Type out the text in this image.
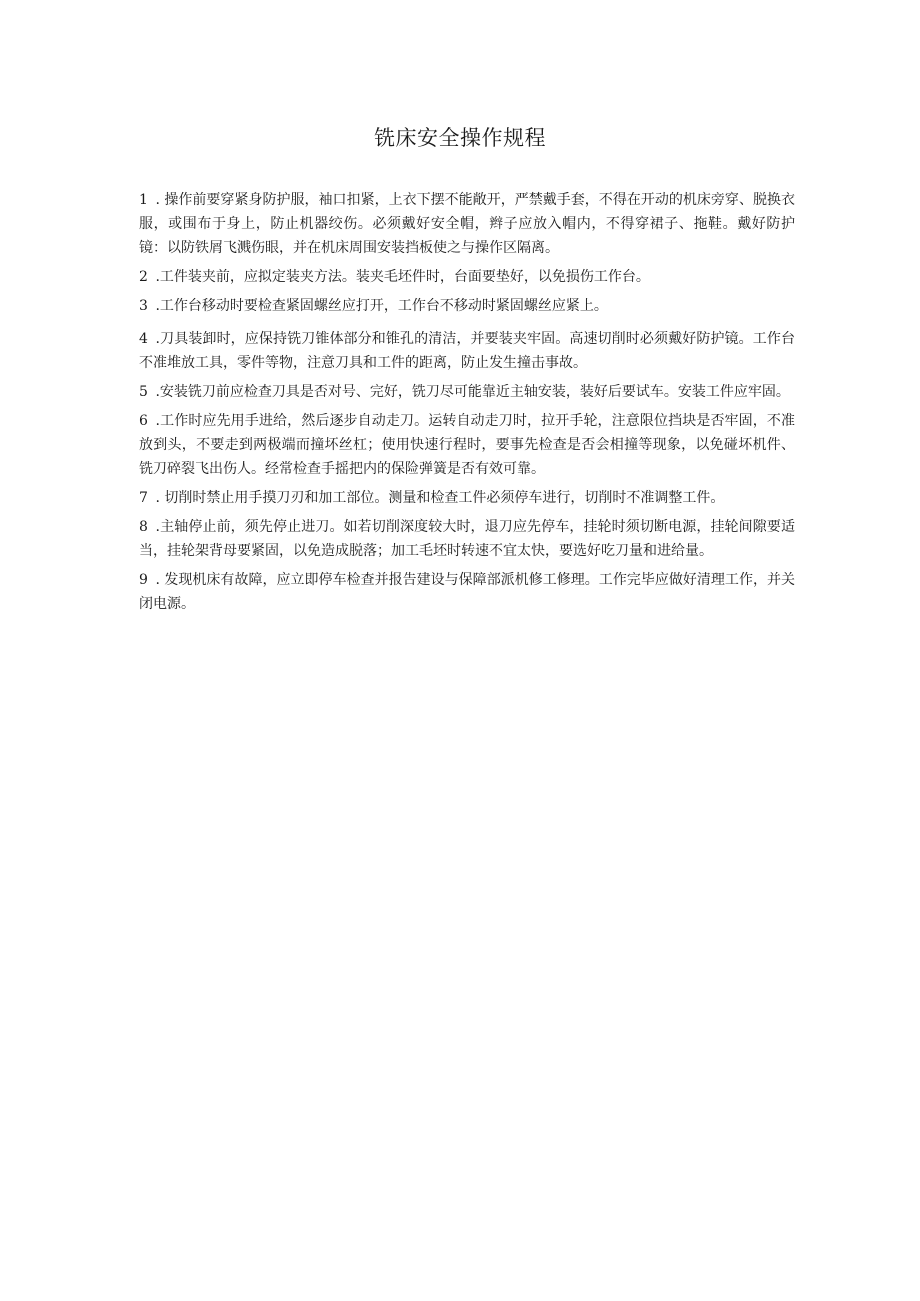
铣床安全操作规程
1 . 操作前要穿紧身防护服，袖口扣紧，上衣下摆不能敞开，严禁戴手套，不得在开动的机床旁穿、脱换衣服，或围布于身上，防止机器绞伤。必须戴好安全帽，辫子应放入帽内，不得穿裙子、拖鞋。戴好防护镜：以防铁屑飞溅伤眼，并在机床周围安装挡板使之与操作区隔离。
2 .工件装夹前，应拟定装夹方法。装夹毛坯件时，台面要垫好，以免损伤工作台。
3 .工作台移动时要检查紧固螺丝应打开，工作台不移动时紧固螺丝应紧上。
4 .刀具装卸时，应保持铣刀锥体部分和锥孔的清洁，并要装夹牢固。高速切削时必须戴好防护镜。工作台不准堆放工具，零件等物，注意刀具和工件的距离，防止发生撞击事故。
5 .安装铣刀前应检查刀具是否对号、完好，铣刀尽可能靠近主轴安装，装好后要试车。安装工件应牢固。
6 .工作时应先用手进给，然后逐步自动走刀。运转自动走刀时，拉开手轮，注意限位挡块是否牢固，不准放到头，不要走到两极端而撞坏丝杠；使用快速行程时，要事先检查是否会相撞等现象，以免碰坏机件、铣刀碎裂飞出伤人。经常检查手摇把内的保险弹簧是否有效可靠。
7 . 切削时禁止用手摸刀刃和加工部位。测量和检查工件必须停车进行，切削时不准调整工件。
8 .主轴停止前，须先停止进刀。如若切削深度较大时，退刀应先停车，挂轮时须切断电源，挂轮间隙要适当，挂轮架背母要紧固，以免造成脱落；加工毛坯时转速不宜太快，要选好吃刀量和进给量。
9 . 发现机床有故障，应立即停车检查并报告建设与保障部派机修工修理。工作完毕应做好清理工作，并关闭电源。
